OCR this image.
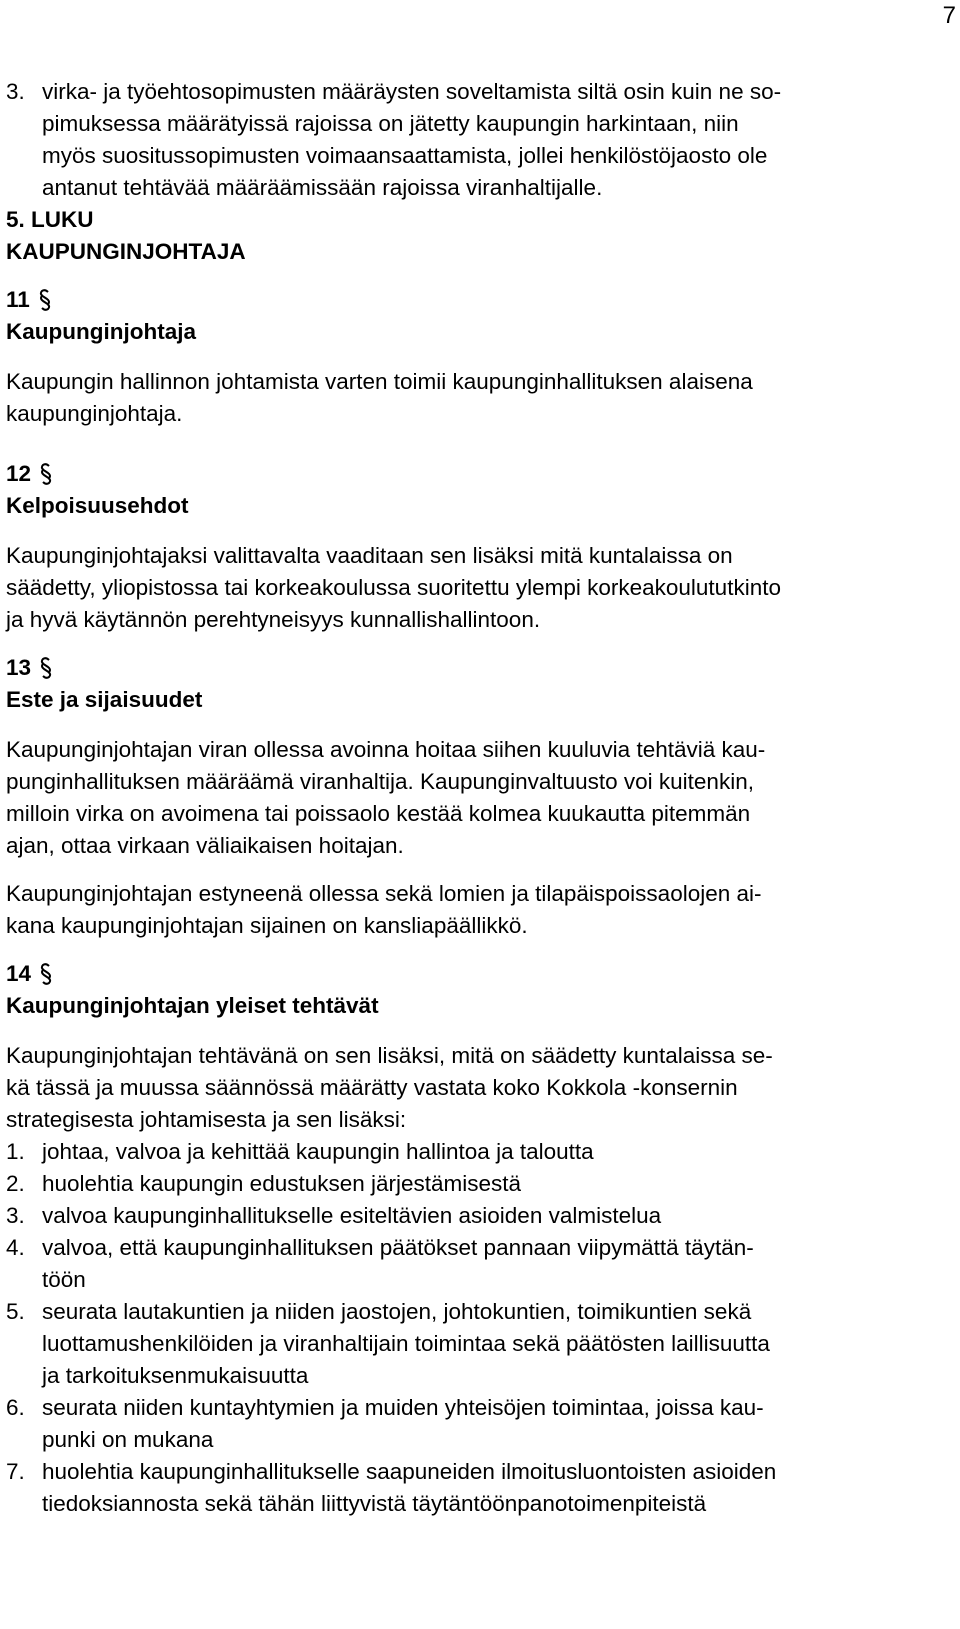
7
3. virka- ja työehtosopimusten määräysten soveltamista siltä osin kuin ne so-
pimuksessa määrätyissä rajoissa on jätetty kaupungin harkintaan, niin
myös suositussopimusten voimaansaattamista, jollei henkilöstöjaosto ole
antanut tehtävää määräämissään rajoissa viranhaltijalle.
5. LUKU
KAUPUNGINJOHTAJA
11
Kaupunginjohtaja

Kaupungin hallinnon johtamista varten toimii kaupunginhallituksen alaisena
kaupunginjohtaja.

12
Kelpoisuusehdot

Kaupunginjohtajaksi valittavalta vaaditaan sen lisäksi mitä kuntalaissa on
säädetty, yliopistossa tai korkeakoulussa suoritettu ylempi korkeakoulututkinto
ja hyvä käytännön perehtyneisyys kunnallishallintoon.

13
Este ja sijaisuudet

Kaupunginjohtajan viran ollessa avoinna hoitaa siihen kuuluvia tehtäviä kau-
punginhallituksen määräämä viranhaltija. Kaupunginvaltuusto voi kuitenkin,
milloin virka on avoimena tai poissaolo kestää kolmea kuukautta pitemmän
ajan, ottaa virkaan väliaikaisen hoitajan.

Kaupunginjohtajan estyneenä ollessa sekä lomien ja tilapäispoissaolojen ai-
kana kaupunginjohtajan sijainen on kansliapäällikkö.

14
Kaupunginjohtajan yleiset tehtävät

Kaupunginjohtajan tehtävänä on sen lisäksi, mitä on säädetty kuntalaissa se-
kä tässä ja muussa säännössä määrätty vastata koko Kokkola -konsernin
strategisesta johtamisesta ja sen lisäksi:

1. johtaa, valvoa ja kehittää kaupungin hallintoa ja taloutta
2. huolehtia kaupungin edustuksen järjestämisestä
3. valvoa kaupunginhallitukselle esiteltävien asioiden valmistelua
4. valvoa, että kaupunginhallituksen päätökset pannaan viipymättä täytän-
töön
5. seurata lautakuntien ja niiden jaostojen, johtokuntien, toimikuntien sekä
luottamushenkilöiden ja viranhaltijain toimintaa sekä päätösten laillisuutta
ja tarkoituksenmukaisuutta
6. seurata niiden kuntayhtymien ja muiden yhteisöjen toimintaa, joissa kau-
punki on mukana
7. huolehtia kaupunginhallitukselle saapuneiden ilmoitusluontoisten asioiden
tiedoksiannosta sekä tähän liittyvistä täytäntöönpanotoimenpiteistä
